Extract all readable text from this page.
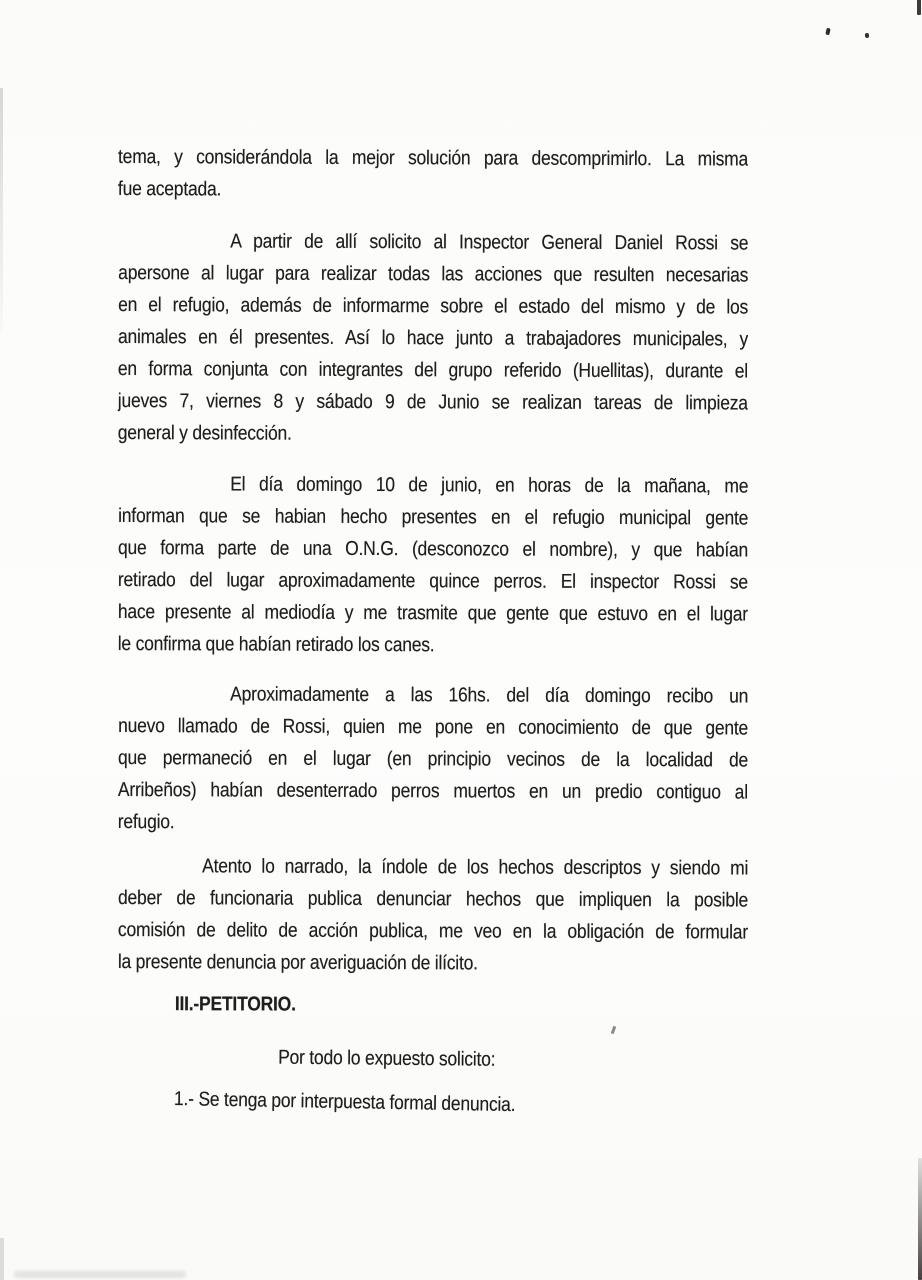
tema, y considerándola la mejor solución para descomprimirlo. La misma
fue aceptada.
A partir de allí solicito al Inspector General Daniel Rossi se
apersone al lugar para realizar todas las acciones que resulten necesarias
en el refugio, además de informarme sobre el estado del mismo y de los
animales en él presentes. Así lo hace junto a trabajadores municipales, y
en forma conjunta con integrantes del grupo referido (Huellitas), durante el
jueves 7, viernes 8 y sábado 9 de Junio se realizan tareas de limpieza
general y desinfección.
El día domingo 10 de junio, en horas de la mañana, me
informan que se habian hecho presentes en el refugio municipal gente
que forma parte de una O.N.G. (desconozco el nombre), y que habían
retirado del lugar aproximadamente quince perros. El inspector Rossi se
hace presente al mediodía y me trasmite que gente que estuvo en el lugar
le confirma que habían retirado los canes.
Aproximadamente a las 16hs. del día domingo recibo un
nuevo llamado de Rossi, quien me pone en conocimiento de que gente
que permaneció en el lugar (en principio vecinos de la localidad de
Arribeños) habían desenterrado perros muertos en un predio contiguo al
refugio.
Atento lo narrado, la índole de los hechos descriptos y siendo mi
deber de funcionaria publica denunciar hechos que impliquen la posible
comisión de delito de acción publica, me veo en la obligación de formular
la presente denuncia por averiguación de ilícito.
III.-PETITORIO.
Por todo lo expuesto solicito:
1.- Se tenga por interpuesta formal denuncia.
